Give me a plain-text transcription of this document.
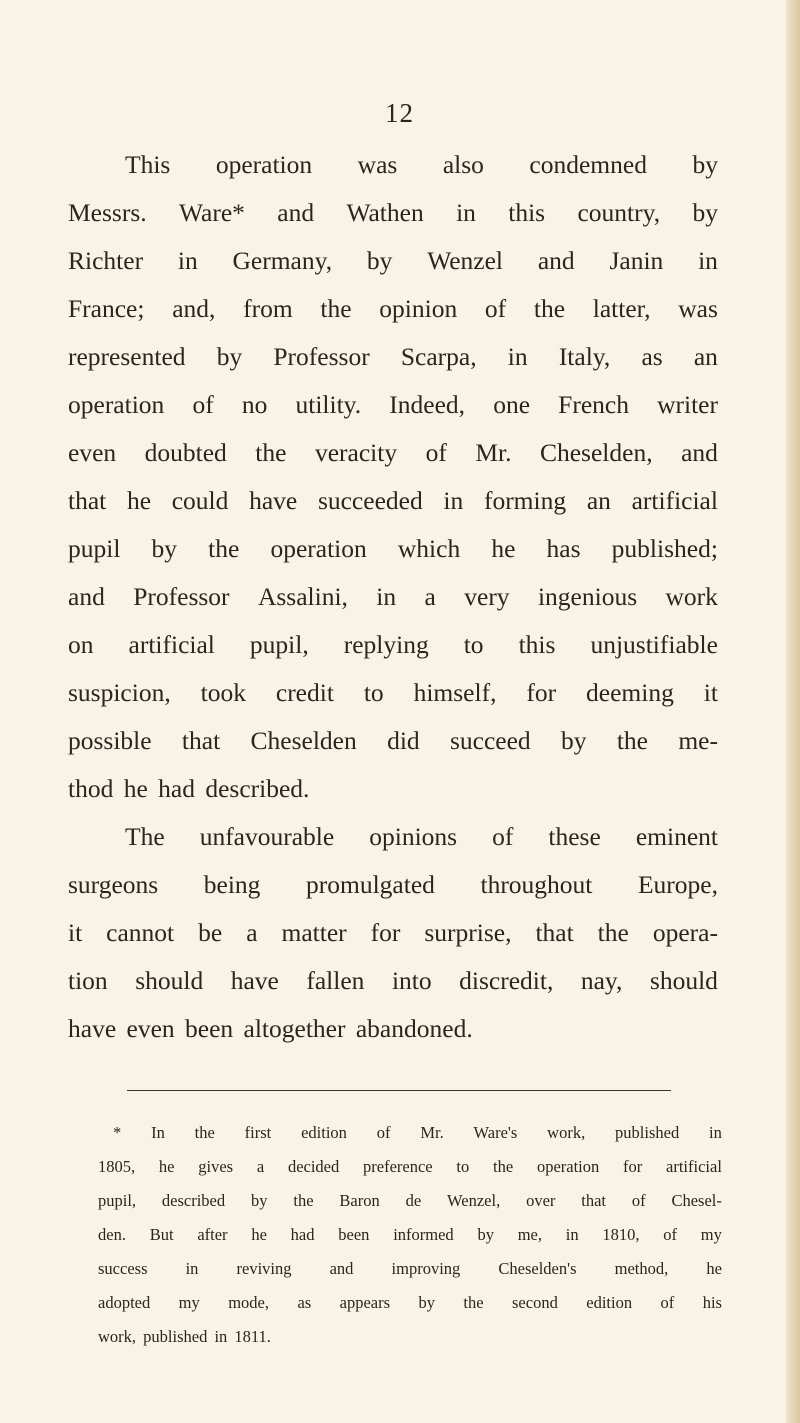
12
This operation was also condemned by
Messrs. Ware* and Wathen in this country, by
Richter in Germany, by Wenzel and Janin in
France; and, from the opinion of the latter, was
represented by Professor Scarpa, in Italy, as an
operation of no utility. Indeed, one French writer
even doubted the veracity of Mr. Cheselden, and
that he could have succeeded in forming an artificial
pupil by the operation which he has published;
and Professor Assalini, in a very ingenious work
on artificial pupil, replying to this unjustifiable
suspicion, took credit to himself, for deeming it
possible that Cheselden did succeed by the me-
thod he had described.
The unfavourable opinions of these eminent
surgeons being promulgated throughout Europe,
it cannot be a matter for surprise, that the opera-
tion should have fallen into discredit, nay, should
have even been altogether abandoned.
* In the first edition of Mr. Ware's work, published in
1805, he gives a decided preference to the operation for artificial
pupil, described by the Baron de Wenzel, over that of Chesel-
den. But after he had been informed by me, in 1810, of my
success in reviving and improving Cheselden's method, he
adopted my mode, as appears by the second edition of his
work, published in 1811.
